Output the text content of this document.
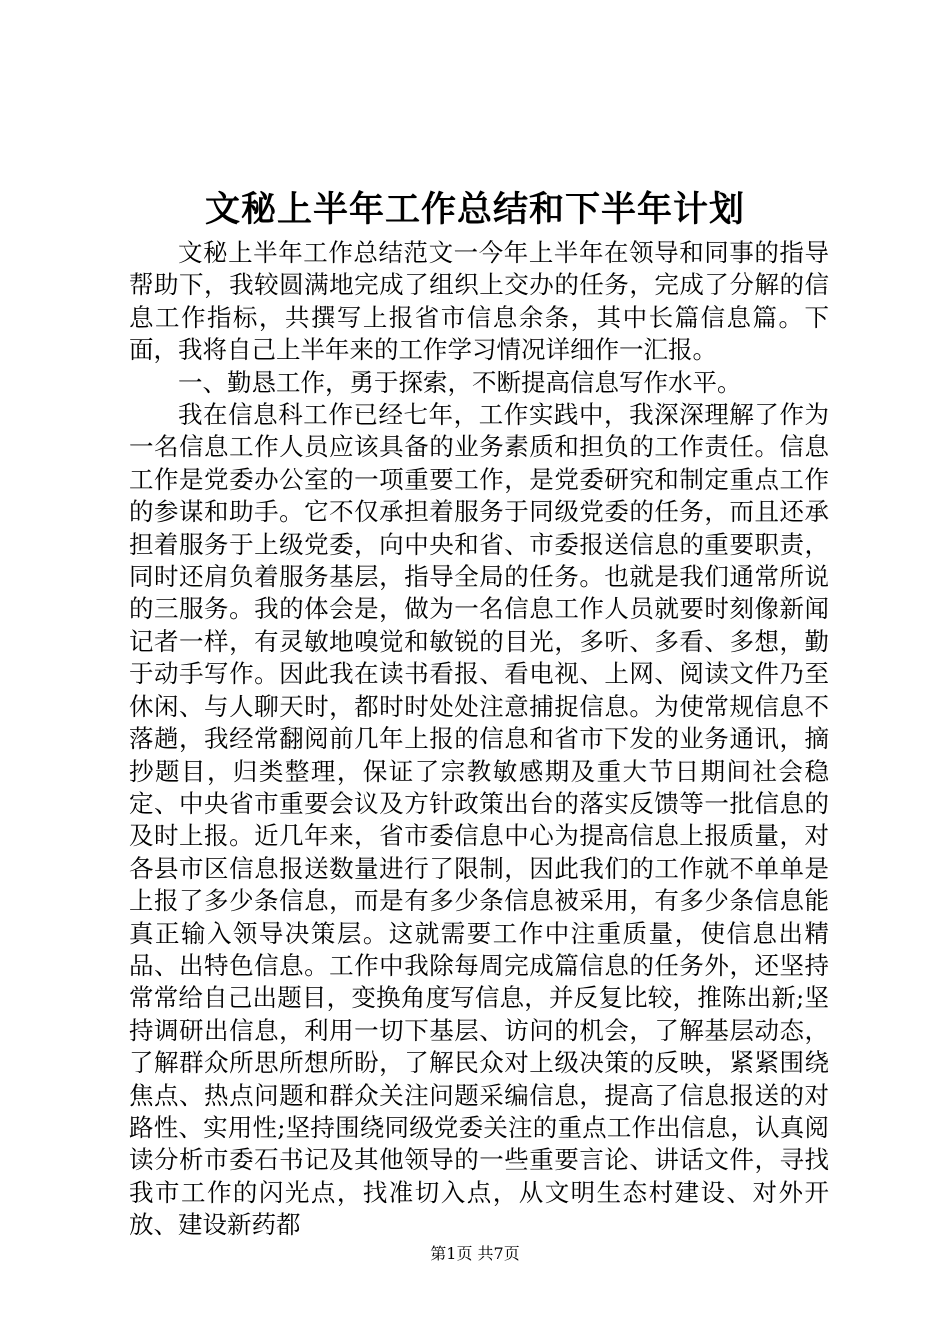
文秘上半年工作总结和下半年计划

文秘上半年工作总结范文一今年上半年在领导和同事的指导帮助下，我较圆满地完成了组织上交办的任务，完成了分解的信息工作指标，共撰写上报省市信息余条，其中长篇信息篇。下面，我将自己上半年来的工作学习情况详细作一汇报。

一、勤恳工作，勇于探索，不断提高信息写作水平。

我在信息科工作已经七年，工作实践中，我深深理解了作为一名信息工作人员应该具备的业务素质和担负的工作责任。信息工作是党委办公室的一项重要工作，是党委研究和制定重点工作的参谋和助手。它不仅承担着服务于同级党委的任务，而且还承担着服务于上级党委，向中央和省、市委报送信息的重要职责，同时还肩负着服务基层，指导全局的任务。也就是我们通常所说的三服务。我的体会是，做为一名信息工作人员就要时刻像新闻记者一样，有灵敏地嗅觉和敏锐的目光，多听、多看、多想，勤于动手写作。因此我在读书看报、看电视、上网、阅读文件乃至休闲、与人聊天时，都时时处处注意捕捉信息。为使常规信息不落趟，我经常翻阅前几年上报的信息和省市下发的业务通讯，摘抄题目，归类整理，保证了宗教敏感期及重大节日期间社会稳定、中央省市重要会议及方针政策出台的落实反馈等一批信息的及时上报。近几年来，省市委信息中心为提高信息上报质量，对各县市区信息报送数量进行了限制，因此我们的工作就不单单是上报了多少条信息，而是有多少条信息被采用，有多少条信息能真正输入领导决策层。这就需要工作中注重质量，使信息出精品、出特色信息。工作中我除每周完成篇信息的任务外，还坚持常常给自己出题目，变换角度写信息，并反复比较，推陈出新;坚持调研出信息，利用一切下基层、访问的机会，了解基层动态，了解群众所思所想所盼，了解民众对上级决策的反映，紧紧围绕焦点、热点问题和群众关注问题采编信息，提高了信息报送的对路性、实用性;坚持围绕同级党委关注的重点工作出信息，认真阅读分析市委石书记及其他领导的一些重要言论、讲话文件，寻找我市工作的闪光点，找准切入点，从文明生态村建设、对外开放、建设新药都

第1页 共7页
